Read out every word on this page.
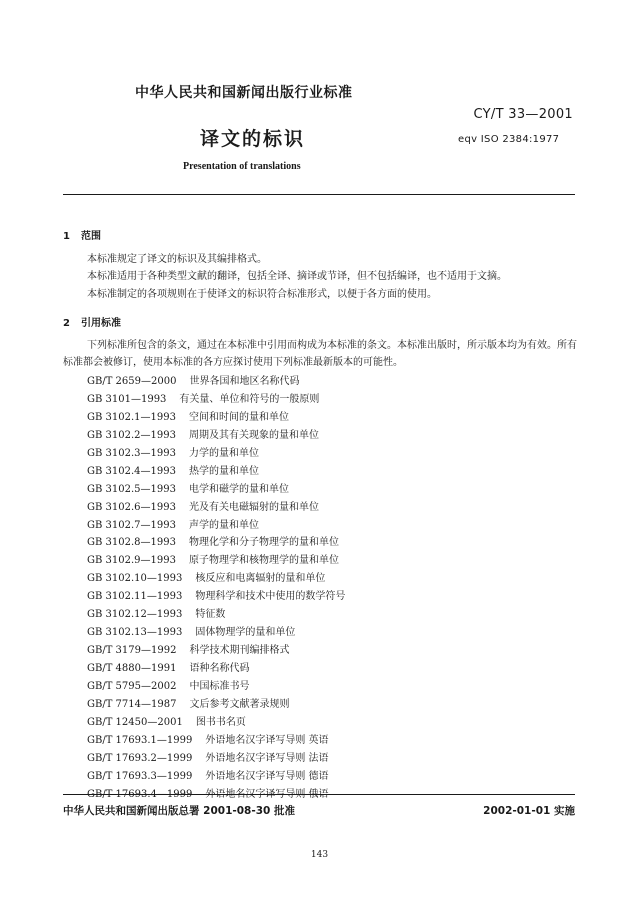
中华人民共和国新闻出版行业标准
CY/T 33—2001
译文的标识	eqv ISO 2384:1977
Presentation of translations
1 范围
本标准规定了译文的标识及其编排格式。
本标准适用于各种类型文献的翻译，包括全译、摘译或节译，但不包括编译，也不适用于文摘。
本标准制定的各项规则在于使译文的标识符合标准形式，以便于各方面的使用。
2 引用标准
下列标准所包含的条文，通过在本标准中引用而构成为本标准的条文。本标准出版时，所示版本均为有效。所有标准都会被修订，使用本标准的各方应探讨使用下列标准最新版本的可能性。
GB/T 2659—2000 世界各国和地区名称代码
GB 3101—1993 有关量、单位和符号的一般原则
GB 3102.1—1993 空间和时间的量和单位
GB 3102.2—1993 周期及其有关现象的量和单位
GB 3102.3—1993 力学的量和单位
GB 3102.4—1993 热学的量和单位
GB 3102.5—1993 电学和磁学的量和单位
GB 3102.6—1993 光及有关电磁辐射的量和单位
GB 3102.7—1993 声学的量和单位
GB 3102.8—1993 物理化学和分子物理学的量和单位
GB 3102.9—1993 原子物理学和核物理学的量和单位
GB 3102.10—1993 核反应和电离辐射的量和单位
GB 3102.11—1993 物理科学和技术中使用的数学符号
GB 3102.12—1993 特征数
GB 3102.13—1993 固体物理学的量和单位
GB/T 3179—1992 科学技术期刊编排格式
GB/T 4880—1991 语种名称代码
GB/T 5795—2002 中国标准书号
GB/T 7714—1987 文后参考文献著录规则
GB/T 12450—2001 图书书名页
GB/T 17693.1—1999 外语地名汉字译写导则 英语
GB/T 17693.2—1999 外语地名汉字译写导则 法语
GB/T 17693.3—1999 外语地名汉字译写导则 德语
GB/T 17693.4—1999 外语地名汉字译写导则 俄语
中华人民共和国新闻出版总署 2001-08-30 批准	2002-01-01 实施
143
